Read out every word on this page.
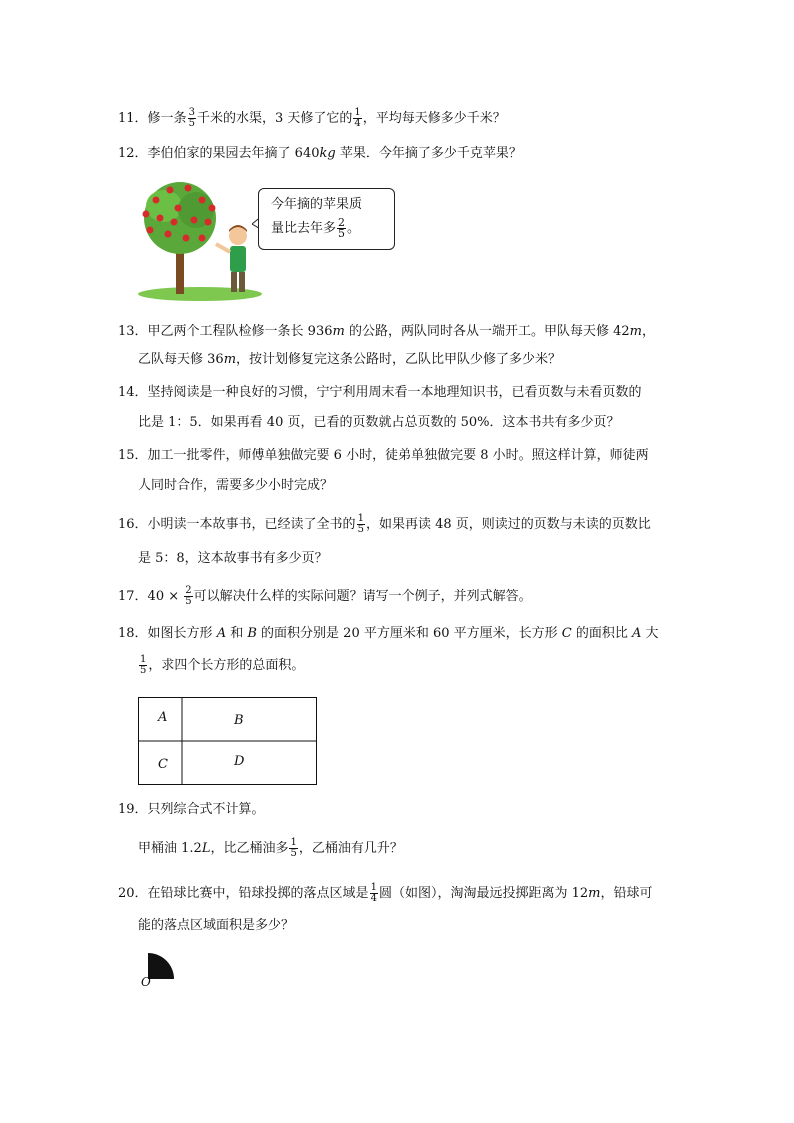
11．修一条 $\frac{3}{5}$ 千米的水渠，3 天修了它的 $\frac{1}{4}$ ，平均每天修多少千米？
12．李伯伯家的果园去年摘了 640kg 苹果．今年摘了多少千克苹果？
今年摘的苹果质
量比去年多 $\frac{2}{5}$ 。
13．甲乙两个工程队检修一条长 936m 的公路，两队同时各从一端开工。甲队每天修 42m，
乙队每天修 36m，按计划修复完这条公路时，乙队比甲队少修了多少米？
14．坚持阅读是一种良好的习惯，宁宁利用周末看一本地理知识书，已看页数与未看页数的
比是 1：5．如果再看 40 页，已看的页数就占总页数的 50%．这本书共有多少页？
15．加工一批零件，师傅单独做完要 6 小时，徒弟单独做完要 8 小时。照这样计算，师徒两
人同时合作，需要多少小时完成？
16．小明读一本故事书，已经读了全书的 $\frac{1}{5}$ ，如果再读 48 页，则读过的页数与未读的页数比
是 5：8，这本故事书有多少页？
17．$40 \times \frac{2}{5}$ 可以解决什么样的实际问题？请写一个例子，并列式解答。
18．如图长方形 A 和 B 的面积分别是 20 平方厘米和 60 平方厘米，长方形 C 的面积比 A 大
$\frac{1}{5}$ ，求四个长方形的总面积。
A	B
C	D
19．只列综合式不计算。
甲桶油 1.2L，比乙桶油多 $\frac{1}{5}$ ，乙桶油有几升？
20．在铅球比赛中，铅球投掷的落点区域是 $\frac{1}{4}$ 圆（如图），淘淘最远投掷距离为 12m，铅球可
能的落点区域面积是多少？
O
